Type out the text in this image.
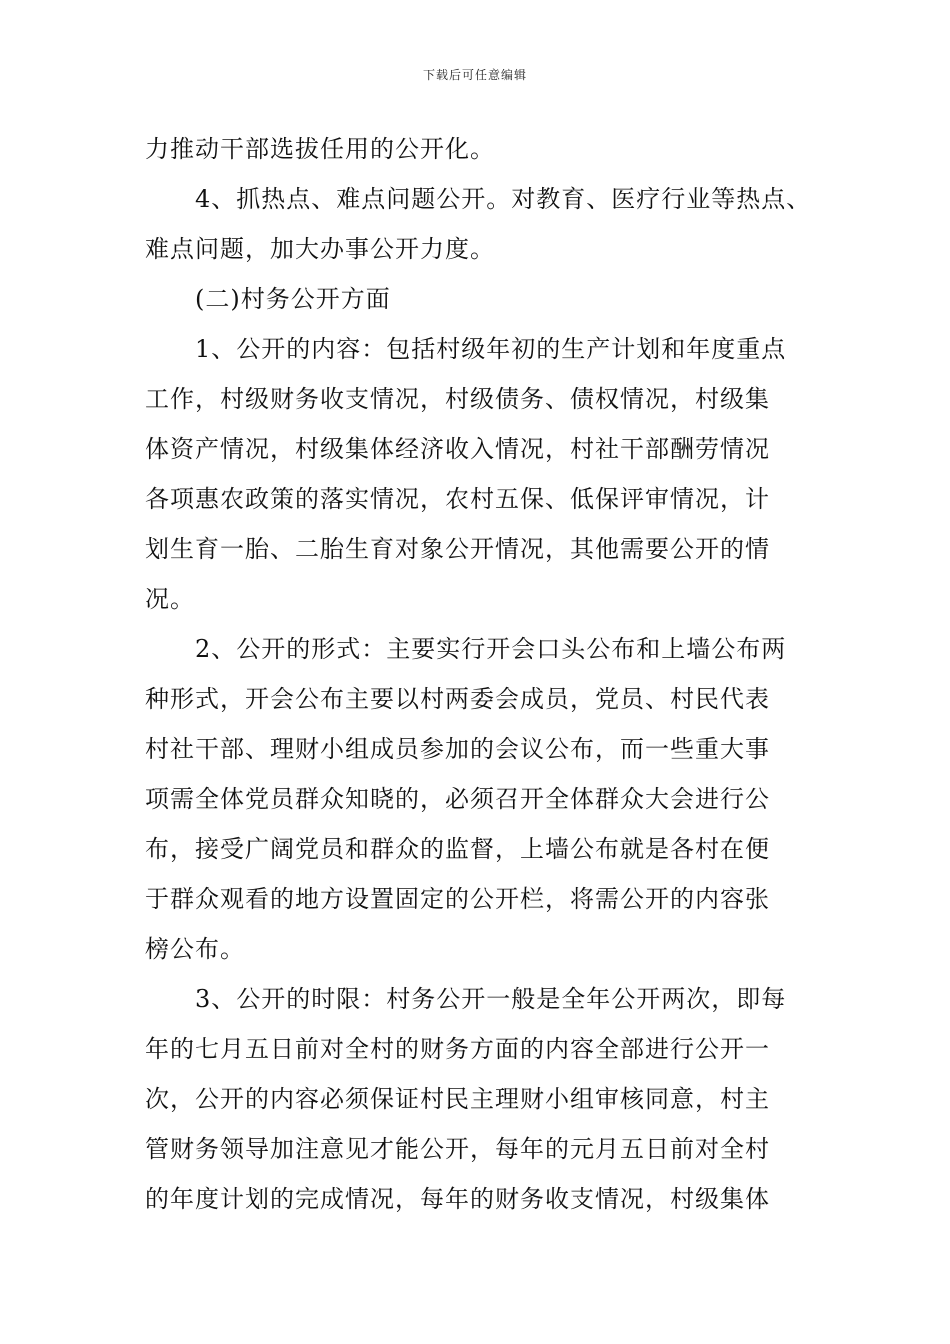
下载后可任意编辑
力推动干部选拔任用的公开化。
　　4、抓热点、难点问题公开。对教育、医疗行业等热点、
难点问题，加大办事公开力度。
　　(二)村务公开方面
　　1、公开的内容：包括村级年初的生产计划和年度重点
工作，村级财务收支情况，村级债务、债权情况，村级集
体资产情况，村级集体经济收入情况，村社干部酬劳情况
各项惠农政策的落实情况，农村五保、低保评审情况，计
划生育一胎、二胎生育对象公开情况，其他需要公开的情
况。
　　2、公开的形式：主要实行开会口头公布和上墙公布两
种形式，开会公布主要以村两委会成员，党员、村民代表
村社干部、理财小组成员参加的会议公布，而一些重大事
项需全体党员群众知晓的，必须召开全体群众大会进行公
布，接受广阔党员和群众的监督，上墙公布就是各村在便
于群众观看的地方设置固定的公开栏，将需公开的内容张
榜公布。
　　3、公开的时限：村务公开一般是全年公开两次，即每
年的七月五日前对全村的财务方面的内容全部进行公开一
次，公开的内容必须保证村民主理财小组审核同意，村主
管财务领导加注意见才能公开，每年的元月五日前对全村
的年度计划的完成情况，每年的财务收支情况，村级集体
